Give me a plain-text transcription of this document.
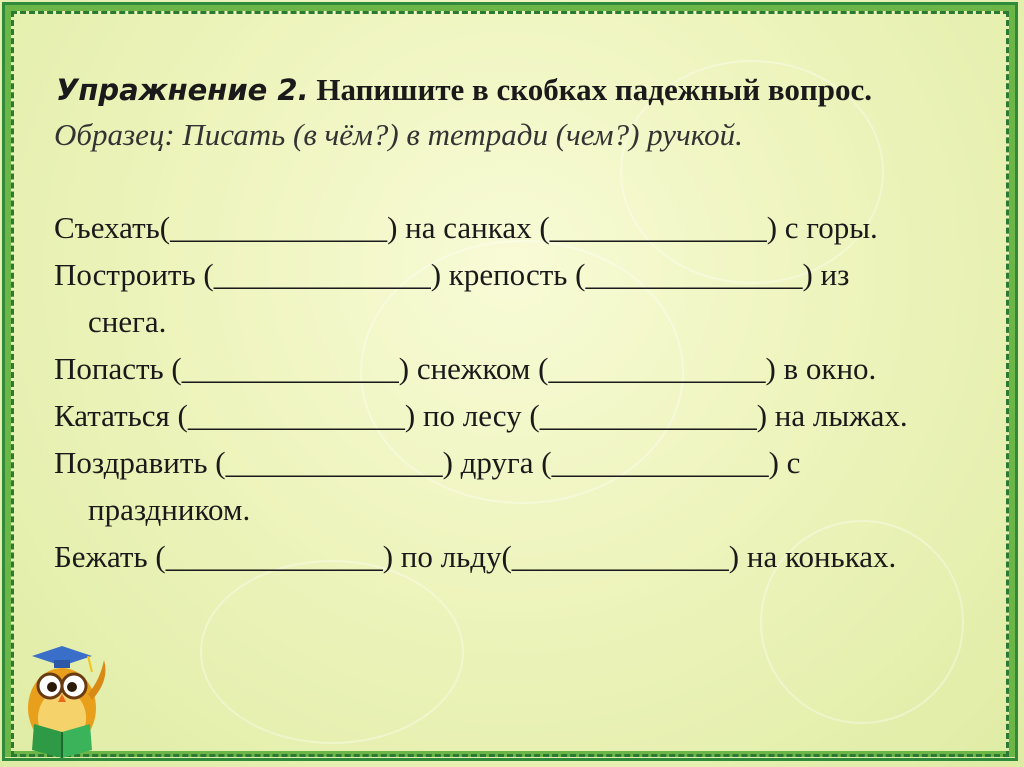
Упражнение 2. Напишите в скобках падежный вопрос.
Образец: Писать (в чём?) в тетради (чем?) ручкой.
Съехать(______________) на санках (______________) с горы.
Построить (______________) крепость (______________) из
снега.
Попасть (______________) снежком (______________) в окно.
Кататься (______________) по лесу (______________) на лыжах.
Поздравить (______________) друга (______________) с
праздником.
Бежать (______________) по льду(______________) на коньках.
